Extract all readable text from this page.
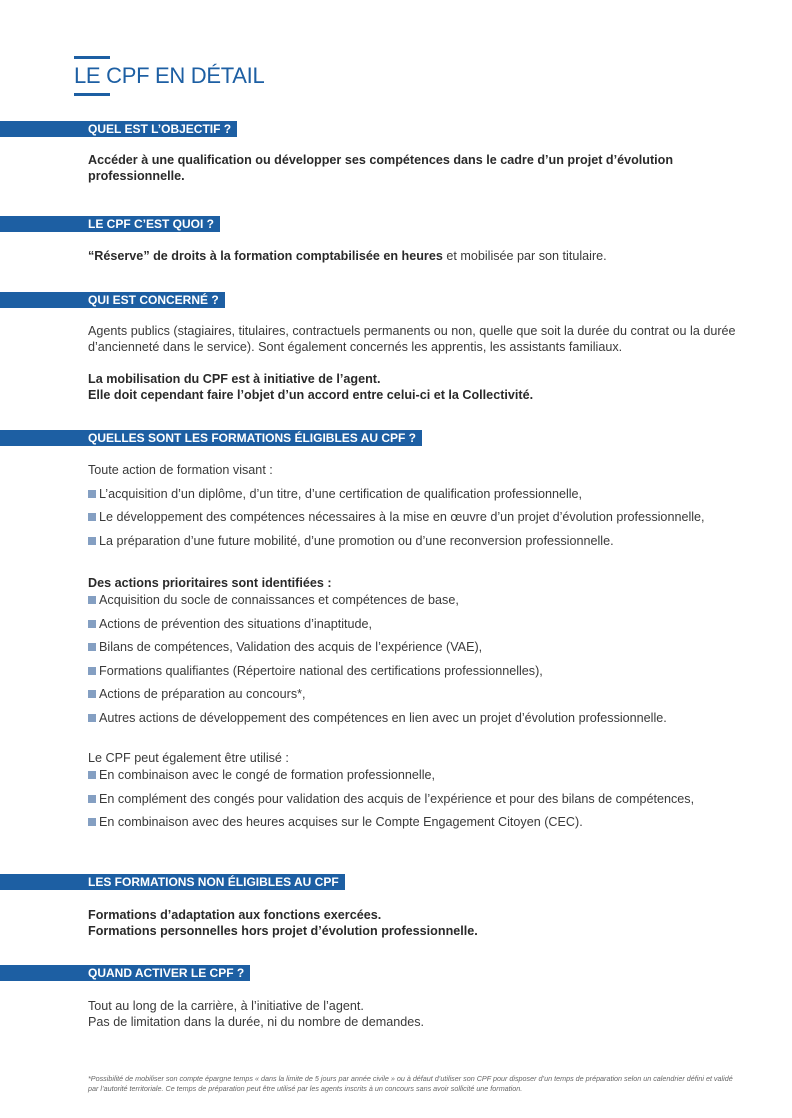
LE CPF EN DÉTAIL
QUEL EST L’OBJECTIF ?
Accéder à une qualification ou développer ses compétences dans le cadre d’un projet d’évolution professionnelle.
LE CPF C’EST QUOI ?
“Réserve” de droits à la formation comptabilisée en heures et mobilisée par son titulaire.
QUI EST CONCERNÉ ?
Agents publics (stagiaires, titulaires, contractuels permanents ou non, quelle que soit la durée du contrat ou la durée d’ancienneté dans le service). Sont également concernés les apprentis, les assistants familiaux.
La mobilisation du CPF est à initiative de l’agent.
Elle doit cependant faire l’objet d’un accord entre celui-ci et la Collectivité.
QUELLES SONT LES FORMATIONS ÉLIGIBLES AU CPF ?
Toute action de formation visant :
L’acquisition d’un diplôme, d’un titre, d’une certification de qualification professionnelle,
Le développement des compétences nécessaires à la mise en œuvre d’un projet d’évolution professionnelle,
La préparation d’une future mobilité, d’une promotion ou d’une reconversion professionnelle.
Des actions prioritaires sont identifiées :
Acquisition du socle de connaissances et compétences de base,
Actions de prévention des situations d’inaptitude,
Bilans de compétences, Validation des acquis de l’expérience (VAE),
Formations qualifiantes (Répertoire national des certifications professionnelles),
Actions de préparation au concours*,
Autres actions de développement des compétences en lien avec un projet d’évolution professionnelle.
Le CPF peut également être utilisé :
En combinaison avec le congé de formation professionnelle,
En complément des congés pour validation des acquis de l’expérience et pour des bilans de compétences,
En combinaison avec des heures acquises sur le Compte Engagement Citoyen (CEC).
LES FORMATIONS NON ÉLIGIBLES AU CPF
Formations d’adaptation aux fonctions exercées.
Formations personnelles hors projet d’évolution professionnelle.
QUAND ACTIVER LE CPF ?
Tout au long de la carrière, à l’initiative de l’agent.
Pas de limitation dans la durée, ni du nombre de demandes.
*Possibilité de mobiliser son compte épargne temps « dans la limite de 5 jours par année civile » ou à défaut d’utiliser son CPF pour disposer d’un temps de préparation selon un calendrier défini et validé par l’autorité territoriale. Ce temps de préparation peut être utilisé par les agents inscrits à un concours sans avoir sollicité une formation.
